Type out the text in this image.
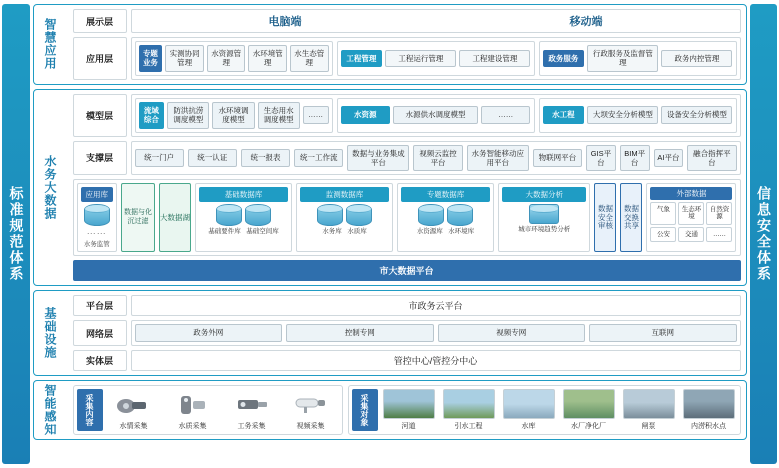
标准规范体系
智慧应用	展示层	电脑端	移动端
应用层
专题业务
实测协同管理
水资源管理
水环境管理
水生态管理
工程管理	工程运行管理	工程建设管理	政务服务
行政服务及监督管理
政务内控管理
水务大数据
模型层
流域综合
防洪抗涝调度模型
水环境调度模型
生态用水调度模型
……	水资源	水源供水调度模型	……	水工程	大坝安全分析模型	设备安全分析模型
支撑层	统一门户	统一认证	统一报表	统一工作流
数据与业务集成平台
视频云监控平台
水务智能移动应用平台
物联网平台
GIS平台
BIM平台
AI平台
融合指挥平台
应用库
⋯⋯
水务监管
数据与化沉过滤	大数据湖
基础数据库
基础要件库 基础空间库
监测数据库
水务库 水质库
专题数据库
水资源库 水环境库
大数据分析
城市环境趋势分析
数据安全审核
数据交换共享
外部数据
气象	生态环境
自然资源
公安	交通	……
市大数据平台
基础设施
平台层	市政务云平台
网络层	政务外网	控制专网	视频专网	互联网
实体层	管控中心/管控分中心
智能感知	采集内容
水情采集	水质采集	工务采集	视频采集
采集对象
河道	引水工程	水库	水厂净化厂	闸泵	内涝积水点
信息安全体系
